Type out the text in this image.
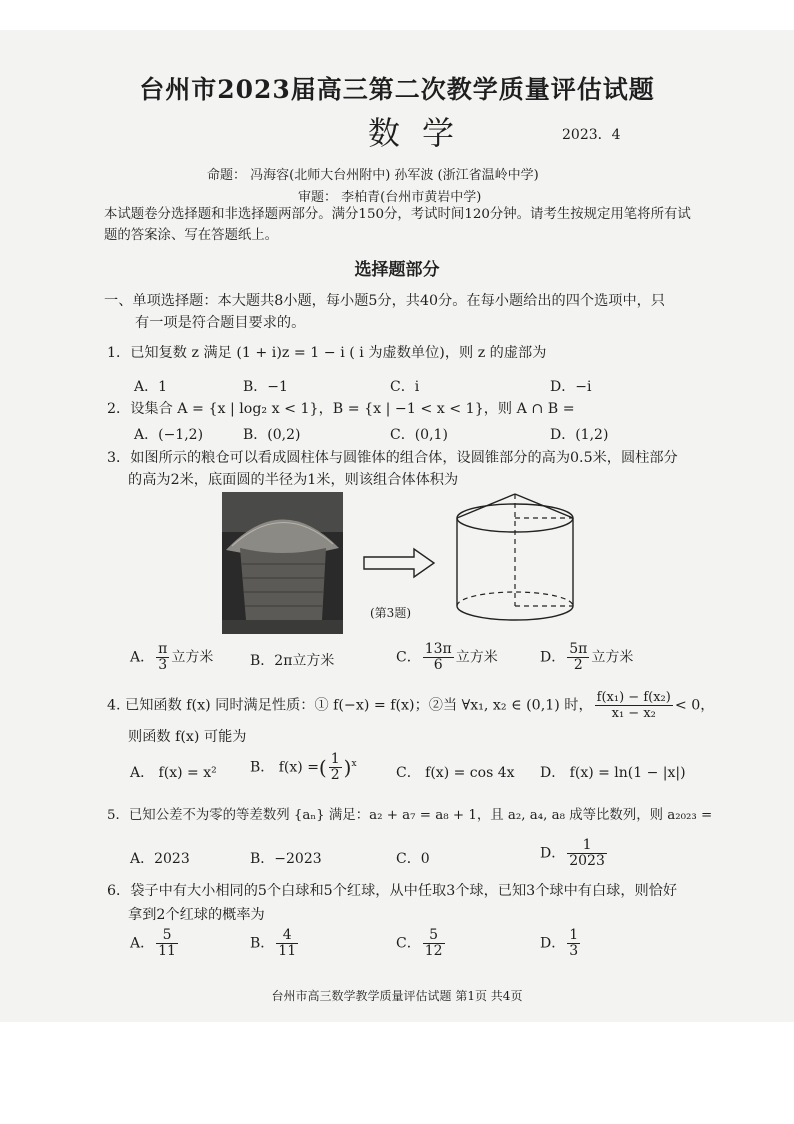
台州市2023届高三第二次教学质量评估试题
数学	2023．4
命题： 冯海容(北师大台州附中) 孙军波 (浙江省温岭中学)
审题： 李柏青(台州市黄岩中学)
本试题卷分选择题和非选择题两部分。满分150分，考试时间120分钟。请考生按规定用笔将所有试题的答案涂、写在答题纸上。
选择题部分
一、单项选择题：本大题共8小题，每小题5分，共40分。在每小题给出的四个选项中，只
有一项是符合题目要求的。
1．已知复数 z 满足 (1 + i)z = 1 − i ( i 为虚数单位)，则 z 的虚部为
A．1	B．−1	C．i	D．−i
2．设集合 A = {x | log₂ x < 1}，B = {x | −1 < x < 1}，则 A ∩ B =
A．(−1,2)	B．(0,2)	C．(0,1)	D．(1,2)
3．如图所示的粮仓可以看成圆柱体与圆锥体的组合体，设圆锥部分的高为0.5米，圆柱部分
的高为2米，底面圆的半径为1米，则该组合体体积为
(第3题)
A． $\frac{\pi}{3}$ 立方米	B．2π立方米	C． $\frac{13\pi}{6}$ 立方米	D． $\frac{5\pi}{2}$ 立方米
4. 已知函数 f(x) 同时满足性质：① f(−x) = f(x)；②当 ∀x₁, x₂ ∈ (0,1) 时， $\frac{\text{f(x₁) − f(x₂)}}{\text{x₁ − x₂}} < 0$，
则函数 f(x) 可能为
A． f(x) = x² B． f(x) =( $\frac{1}{2} )^x$
C． f(x) = cos 4x D． f(x) = ln(1 − |x|)
5．已知公差不为零的等差数列 {aₙ} 满足：a₂ + a₇ = a₈ + 1，且 a₂, a₄, a₈ 成等比数列，则 a₂₀₂₃ =
A．2023	B．−2023	C．0	D． $\frac{1}{2023}$
6．袋子中有大小相同的5个白球和5个红球，从中任取3个球，已知3个球中有白球，则恰好
拿到2个红球的概率为
A． $\frac{5}{11}$	B． $\frac{4}{11}$	C． $\frac{5}{12}$	D． $\frac{1}{3}$
台州市高三数学教学质量评估试题 第1页 共4页
